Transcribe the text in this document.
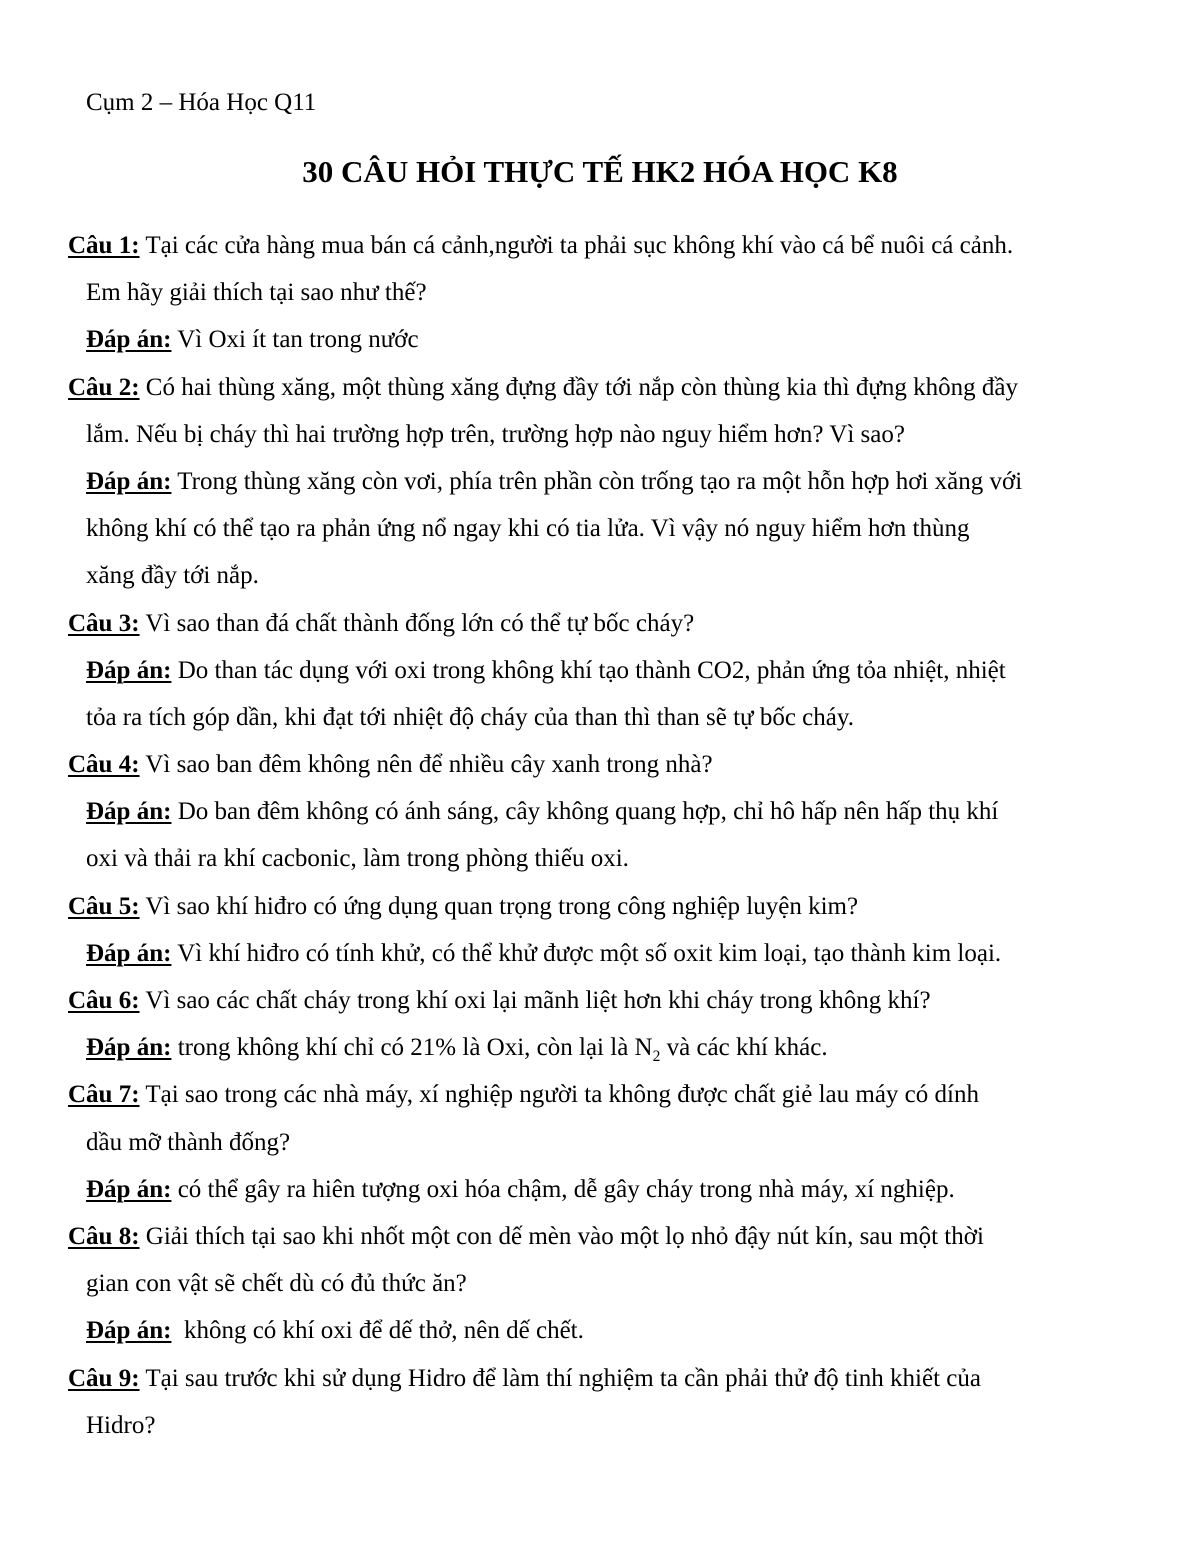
Cụm 2 – Hóa Học Q11
30 CÂU HỎI THỰC TẾ HK2 HÓA HỌC K8
Câu 1: Tại các cửa hàng mua bán cá cảnh,người ta phải sục không khí vào cá bể nuôi cá cảnh.
Em hãy giải thích tại sao như thế?
Đáp án: Vì Oxi ít tan trong nước
Câu 2: Có hai thùng xăng, một thùng xăng đựng đầy tới nắp còn thùng kia thì đựng không đầy
lắm. Nếu bị cháy thì hai trường hợp trên, trường hợp nào nguy hiểm hơn? Vì sao?
Đáp án: Trong thùng xăng còn vơi, phía trên phần còn trống tạo ra một hỗn hợp hơi xăng với
không khí có thể tạo ra phản ứng nổ ngay khi có tia lửa. Vì vậy nó nguy hiểm hơn thùng
xăng đầy tới nắp.
Câu 3: Vì sao than đá chất thành đống lớn có thể tự bốc cháy?
Đáp án: Do than tác dụng với oxi trong không khí tạo thành CO2, phản ứng tỏa nhiệt, nhiệt
tỏa ra tích góp dần, khi đạt tới nhiệt độ cháy của than thì than sẽ tự bốc cháy.
Câu 4: Vì sao ban đêm không nên để nhiều cây xanh trong nhà?
Đáp án: Do ban đêm không có ánh sáng, cây không quang hợp, chỉ hô hấp nên hấp thụ khí
oxi và thải ra khí cacbonic, làm trong phòng thiếu oxi.
Câu 5: Vì sao khí hiđro có ứng dụng quan trọng trong công nghiệp luyện kim?
Đáp án: Vì khí hiđro có tính khử, có thể khử được một số oxit kim loại, tạo thành kim loại.
Câu 6: Vì sao các chất cháy trong khí oxi lại mãnh liệt hơn khi cháy trong không khí?
Đáp án: trong không khí chỉ có 21% là Oxi, còn lại là $N_2$ và các khí khác.
Câu 7: Tại sao trong các nhà máy, xí nghiệp người ta không được chất giẻ lau máy có dính
dầu mỡ thành đống?
Đáp án: có thể gây ra hiên tượng oxi hóa chậm, dễ gây cháy trong nhà máy, xí nghiệp.
Câu 8: Giải thích tại sao khi nhốt một con dế mèn vào một lọ nhỏ đậy nút kín, sau một thời
gian con vật sẽ chết dù có đủ thức ăn?
Đáp án:  không có khí oxi để dế thở, nên dế chết.
Câu 9: Tại sau trước khi sử dụng Hidro để làm thí nghiệm ta cần phải thử độ tinh khiết của
Hidro?
